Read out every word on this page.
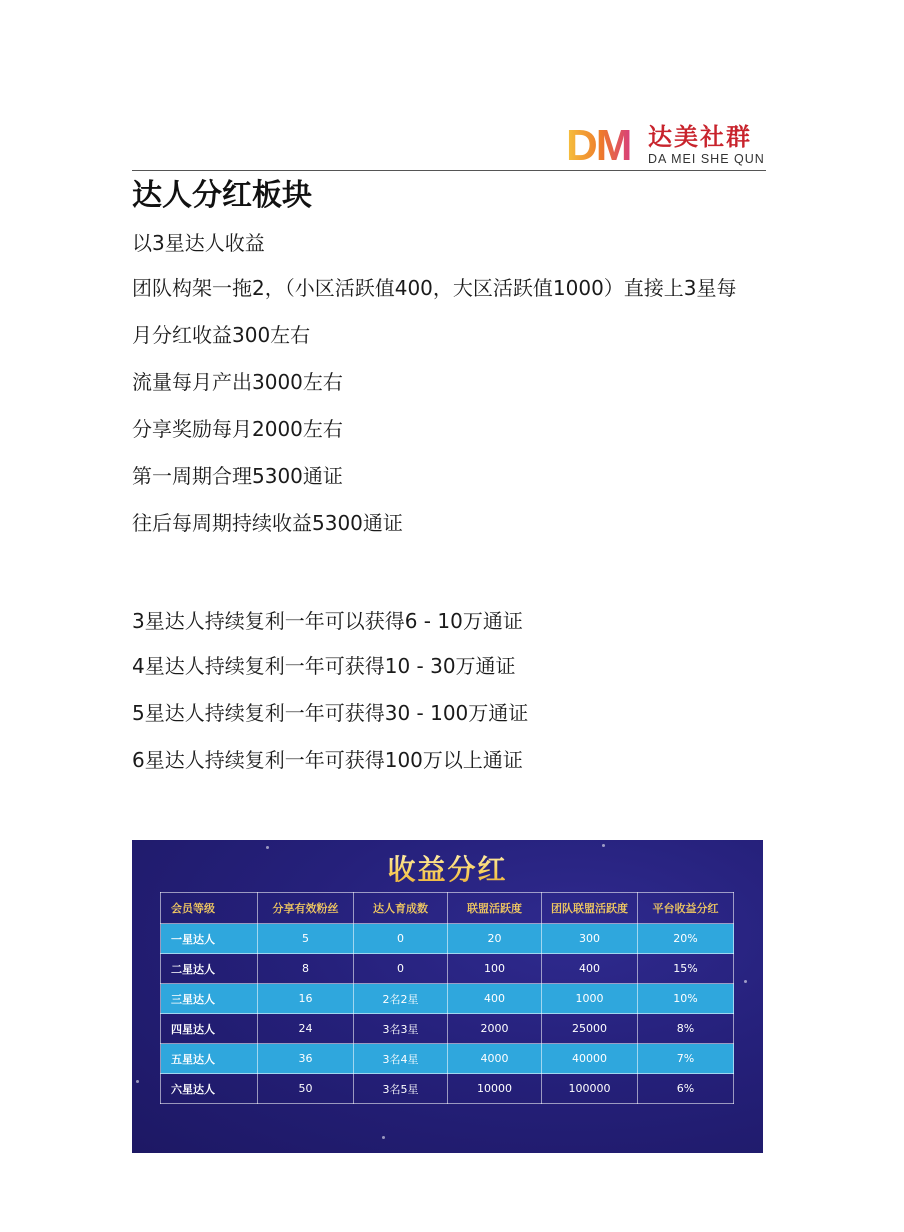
DM 达美社群
DA MEI SHE QUN
达人分红板块
以3星达人收益
团队构架一拖2，（小区活跃值400，大区活跃值1000）直接上3星每
月分红收益300左右
流量每月产出3000左右
分享奖励每月2000左右
第一周期合理5300通证
往后每周期持续收益5300通证
3星达人持续复利一年可以获得6 - 10万通证
4星达人持续复利一年可获得10 - 30万通证
5星达人持续复利一年可获得30 - 100万通证
6星达人持续复利一年可获得100万以上通证
收益分红
会员等级	分享有效粉丝	达人育成数	联盟活跃度	团队联盟活跃度	平台收益分红
一星达人	5	0	20	300	20%
二星达人	8	0	100	400	15%
三星达人	16	2名2星	400	1000	10%
四星达人	24	3名3星	2000	25000	8%
五星达人	36	3名4星	4000	40000	7%
六星达人	50	3名5星	10000	100000	6%
